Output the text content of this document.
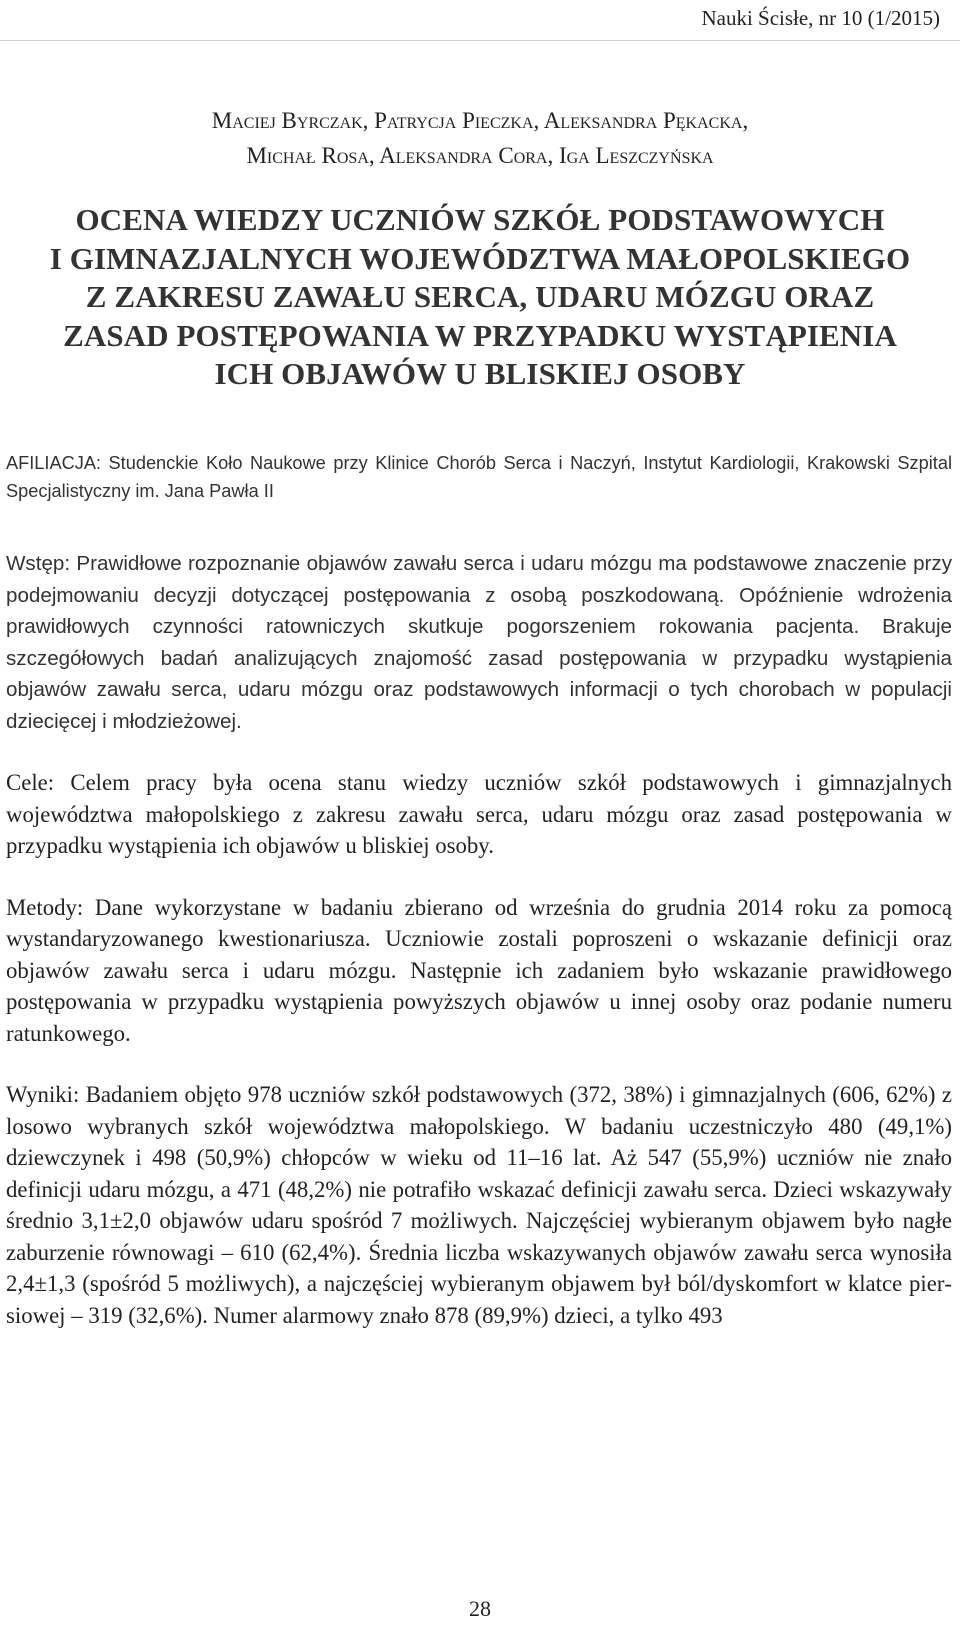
Nauki Ścisłe, nr 10 (1/2015)
Maciej Byrczak, Patrycja Pieczka, Aleksandra Pękacka,
Michał Rosa, Aleksandra Cora, Iga Leszczyńska
OCENA WIEDZY UCZNIÓW SZKÓŁ PODSTAWOWYCH
I GIMNAZJALNYCH WOJEWÓDZTWA MAŁOPOLSKIEGO
Z ZAKRESU ZAWAŁU SERCA, UDARU MÓZGU ORAZ
ZASAD POSTĘPOWANIA W PRZYPADKU WYSTĄPIENIA
ICH OBJAWÓW U BLISKIEJ OSOBY
AFILIACJA: Studenckie Koło Naukowe przy Klinice Chorób Serca i Naczyń, Instytut Kardiologii, Krakowski Szpital Specjalistyczny im. Jana Pawła II

Wstęp: Prawidłowe rozpoznanie objawów zawału serca i udaru mózgu ma podstawowe znaczenie przy podejmowaniu decyzji dotyczącej postępowania z osobą poszkodowaną. Opóźnienie wdrożenia prawidłowych czynności ratowniczych skutkuje pogorszeniem rokowania pacjenta. Brakuje szczegółowych badań analizujących znajomość zasad postępowania w przypadku wystąpienia objawów zawału serca, udaru mózgu oraz podstawowych informacji o tych chorobach w populacji dziecięcej i młodzieżowej.

Cele: Celem pracy była ocena stanu wiedzy uczniów szkół podstawowych i gimnazjalnych województwa małopolskiego z zakresu zawału serca, udaru mózgu oraz zasad postępowania w przypadku wystąpienia ich objawów u bliskiej osoby.

Metody: Dane wykorzystane w badaniu zbierano od września do grudnia 2014 roku za pomocą wystandaryzowanego kwestionariusza. Uczniowie zostali poproszeni o wskazanie definicji oraz objawów zawału serca i udaru mózgu. Następnie ich zadaniem było wskazanie prawidłowego postępowania w przypadku wystąpienia powyższych objawów u innej osoby oraz podanie numeru ratunkowego.

Wyniki: Badaniem objęto 978 uczniów szkół podstawowych (372, 38%) i gimnazjalnych (606, 62%) z losowo wybranych szkół województwa małopolskiego. W badaniu uczestniczyło 480 (49,1%) dziewczynek i 498 (50,9%) chłopców w wieku od 11–16 lat. Aż 547 (55,9%) uczniów nie znało definicji udaru mózgu, a 471 (48,2%) nie potrafiło wskazać definicji zawału serca. Dzieci wskazywały średnio 3,1±2,0 objawów udaru spośród 7 możliwych. Najczęściej wybieranym objawem było nagłe zaburzenie równowagi – 610 (62,4%). Średnia liczba wskazywanych objawów zawału serca wynosiła 2,4±1,3 (spośród 5 możliwych), a najczęściej wybieranym objawem był ból/dyskomfort w klatce piersiowej – 319 (32,6%). Numer alarmowy znało 878 (89,9%) dzieci, a tylko 493

28
